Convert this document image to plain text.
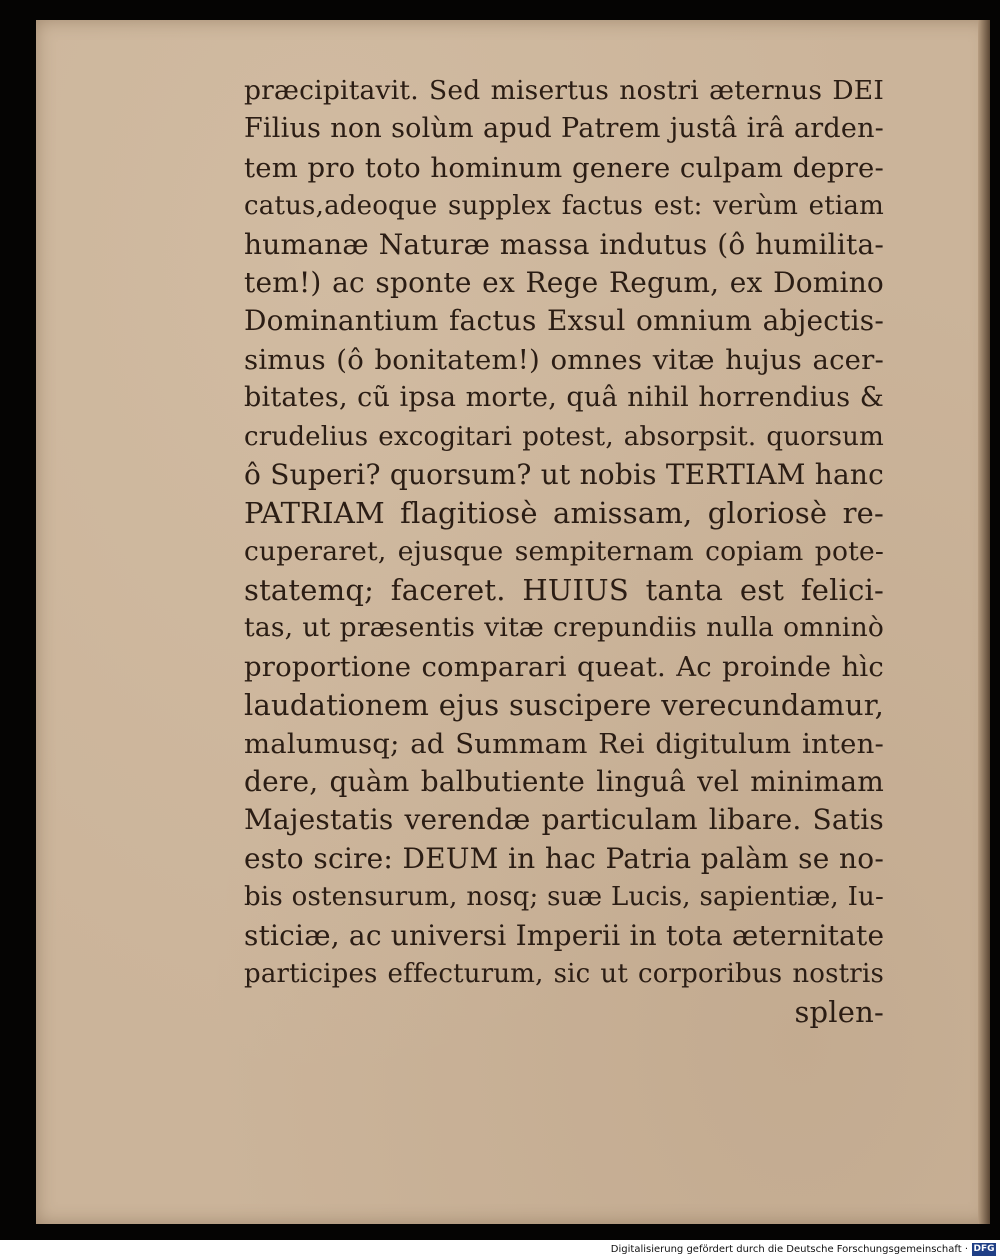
præcipitavit. Sed misertus nostri æternus DEI
Filius non solùm apud Patrem justâ irâ arden-
tem pro toto hominum genere culpam depre-
catus,adeoque supplex factus est: verùm etiam
humanæ Naturæ massa indutus (ô humilita-
tem!) ac sponte ex Rege Regum, ex Domino
Dominantium factus Exsul omnium abjectis-
simus (ô bonitatem!) omnes vitæ hujus acer-
bitates, cũ ipsa morte, quâ nihil horrendius &
crudelius excogitari potest, absorpsit. quorsum
ô Superi? quorsum? ut nobis TERTIAM hanc
PATRIAM flagitiosè amissam, gloriosè re-
cuperaret, ejusque sempiternam copiam pote-
statemq; faceret. HUIUS tanta est felici-
tas, ut præsentis vitæ crepundiis nulla omninò
proportione comparari queat. Ac proinde hìc
laudationem ejus suscipere verecundamur,
malumusq; ad Summam Rei digitulum inten-
dere, quàm balbutiente linguâ vel minimam
Majestatis verendæ particulam libare. Satis
esto scire: DEUM in hac Patria palàm se no-
bis ostensurum, nosq; suæ Lucis, sapientiæ, Iu-
sticiæ, ac universi Imperii in tota æternitate
participes effecturum, sic ut corporibus nostris
splen-
Digitalisierung gefördert durch die Deutsche Forschungsgemeinschaft · DFG
